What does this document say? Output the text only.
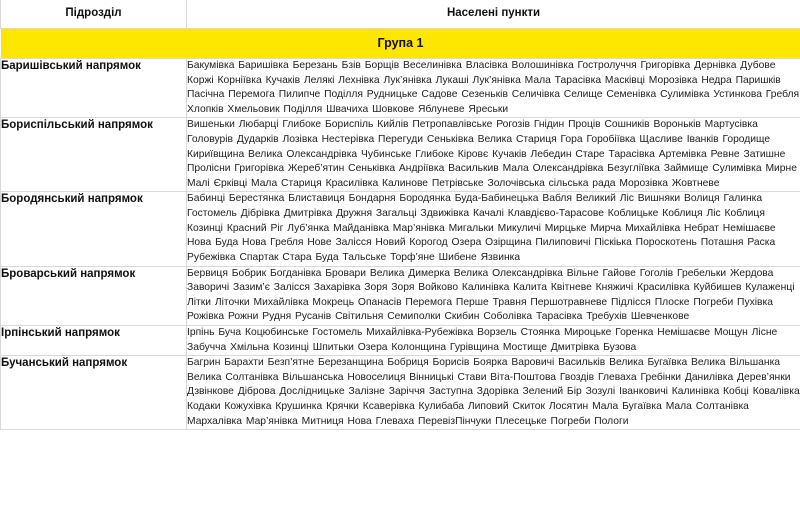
Підрозділ	Населені пункти
Група 1	
Баришівський напрямок	Бакумівка Баришівка Березань Бзів Борщів Веселинівка Власівка Волошинівка Гостролуччя Григорівка Дернівка Дубове Коржі Корніївка Кучаків Лелякі Лехнівка Лук’янівка Лукаші Лук’янівка Мала Тарасівка Масківці Морозівка Недра Паришків Пасічна Перемога Пилипче Поділля Рудницьке Садове Сезеньків Селичівка Селище Семенівка Сулимівка Устинкова Гребля Хлопків Хмельовик Поділля Швачиха Шовкове Яблуневе Яреськи
Бориспільський напрямок	Вишеньки Любарці Глибоке Бориспіль Кийлів Петропавлівське Рогозів Гнідин Проців Сошників Вороньків Мартусівка Головурів Дударків Лозівка Нестерівка Перегуди Сеньківка Велика Стариця Гора Горобіївка Щасливе Іванків Городище Кириївщина Велика Олександрівка Чубинське Глибоке Кіровє Кучаків Лебедин Старе Тарасівка Артемівка Ревне Затишне Пролісни Григорівка Жереб’ятин Сеньківка Андріївка Василькив Мала Олександрівка Безугліївка Займище Сулимівка Мирне Малі Єрківці Мала Стариця Красилівка Калинове Петрівське Золочівська сільська рада Морозівка Жовтневе
Бородянський напрямок	Бабинці Берестянка Блиставиця Бондарня Бородянка Буда-Бабинецька Вабля Великий Ліс Вишняки Волиця Галинка Гостомель Дібрівка Дмитрівка Дружня Загальці Здвижівка Качалі Клавдієво-Тарасове Коблицьке Коблиця Ліс Коблиця Козинці Красний Ріг Луб’янка Майданівка Мар’янівка Мигальки Микуличі Мирцьке Мирча Михайлівка Небрат Немішаєве Нова Буда Нова Гребля Нове Залісся Новий Корогод Озера Озірщина Пилиповичі Піскіька Пороскотень Поташня Раска Рубежівка Спартак Стара Буда Тальське Торф’яне Шибене Язвинка
Броварський напрямок	Бервиця Бобрик Богданівка Бровари Велика Димерка Велика Олександрівка Вільне Гайове Гоголів Гребельки Жердова Заворичі Зазим’є Залісся Захарівка Зоря Зоря Войково Калинівка Калита Квітневе Княжичі Красилівка Куйбишев Кулаженці Літки Літочки Михайлівка Мокрець Опанасів Перемога Перше Травня Першотравневе Підлісся Плоске Погреби Пухівка Рожівка Рожни Рудня Русанів Світильня Семиполки Скибин Соболівка Тарасівка Требухів Шевченкове
Ірпінський напрямок	Ірпінь Буча Коцюбинське Гостомель Михайлівка-Рубежівка Ворзель Стоянка Мироцьке Горенка Немішаєве Мощун Лісне Забучча Хмільна Козинці Шпитьки Озера Колонщина Гурівщина Мостище Дмитрівка Бузова
Бучанський напрямок	Багрин Барахти Безп’ятне Березанщина Бобриця Борисів Боярка Варовичі Васильків Велика Бугаївка Велика Вільшанка Велика Солтанівка Вільшанська Новоселиця Вінницькі Стави Віта-Поштова Гвоздів Глевахa Гребінки Данилівка Дерев’янки Дзвінкове Діброва Дослідницьке Залізне Заріччя Заступна Здорівка Зелений Бір Зозулі Іванковичі Калинівка Кобці Ковалівка Кодаки Кожухівка Крушинка Крячки Ксаверівка Кулибаба Липовий Скиток Лосятин Мала Бугаївка Мала Солтанівка Мархалівка Мар’янівка Митниця Нова Глеваха ПеревізПінчуки Плесецьке Погреби Пологи
